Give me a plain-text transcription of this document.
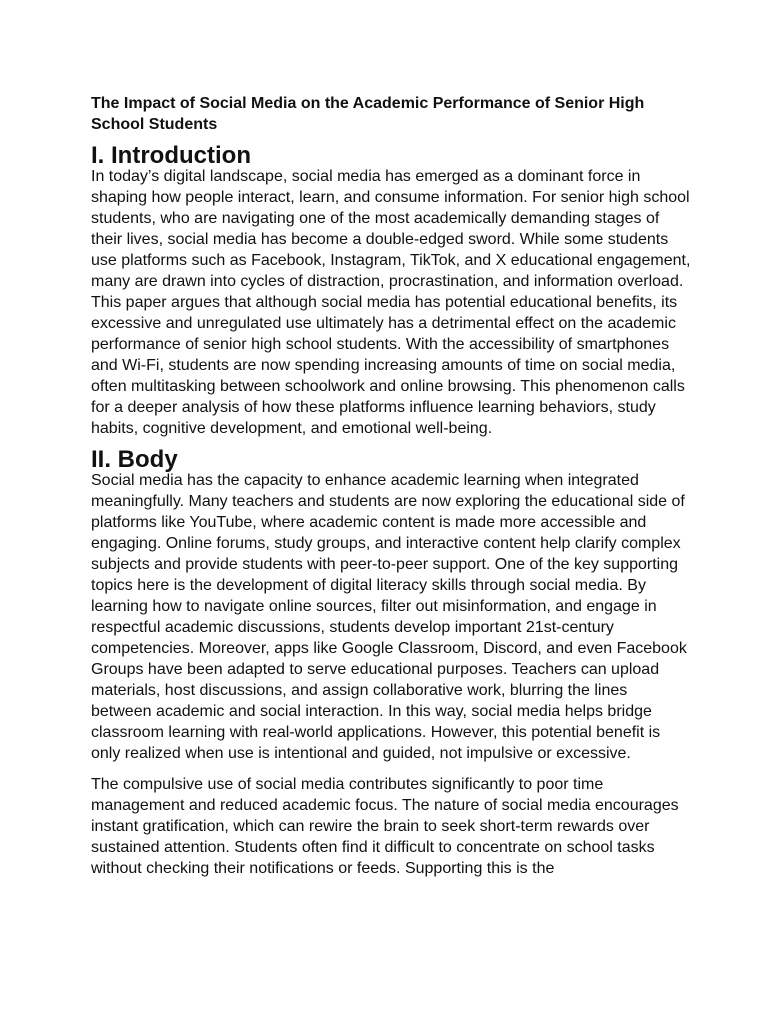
The Impact of Social Media on the Academic Performance of Senior High School Students
I. Introduction

In today’s digital landscape, social media has emerged as a dominant force in shaping how people interact, learn, and consume information. For senior high school students, who are navigating one of the most academically demanding stages of their lives, social media has become a double-edged sword. While some students use platforms such as Facebook, Instagram, TikTok, and X educational engagement, many are drawn into cycles of distraction, procrastination, and information overload. This paper argues that although social media has potential educational benefits, its excessive and unregulated use ultimately has a detrimental effect on the academic performance of senior high school students. With the accessibility of smartphones and Wi-Fi, students are now spending increasing amounts of time on social media, often multitasking between schoolwork and online browsing. This phenomenon calls for a deeper analysis of how these platforms influence learning behaviors, study habits, cognitive development, and emotional well-being.

II. Body

Social media has the capacity to enhance academic learning when integrated meaningfully. Many teachers and students are now exploring the educational side of platforms like YouTube, where academic content is made more accessible and engaging. Online forums, study groups, and interactive content help clarify complex subjects and provide students with peer-to-peer support. One of the key supporting topics here is the development of digital literacy skills through social media. By learning how to navigate online sources, filter out misinformation, and engage in respectful academic discussions, students develop important 21st-century competencies. Moreover, apps like Google Classroom, Discord, and even Facebook Groups have been adapted to serve educational purposes. Teachers can upload materials, host discussions, and assign collaborative work, blurring the lines between academic and social interaction. In this way, social media helps bridge classroom learning with real-world applications. However, this potential benefit is only realized when use is intentional and guided, not impulsive or excessive.

The compulsive use of social media contributes significantly to poor time management and reduced academic focus. The nature of social media encourages instant gratification, which can rewire the brain to seek short-term rewards over sustained attention. Students often find it difficult to concentrate on school tasks without checking their notifications or feeds. Supporting this is the
